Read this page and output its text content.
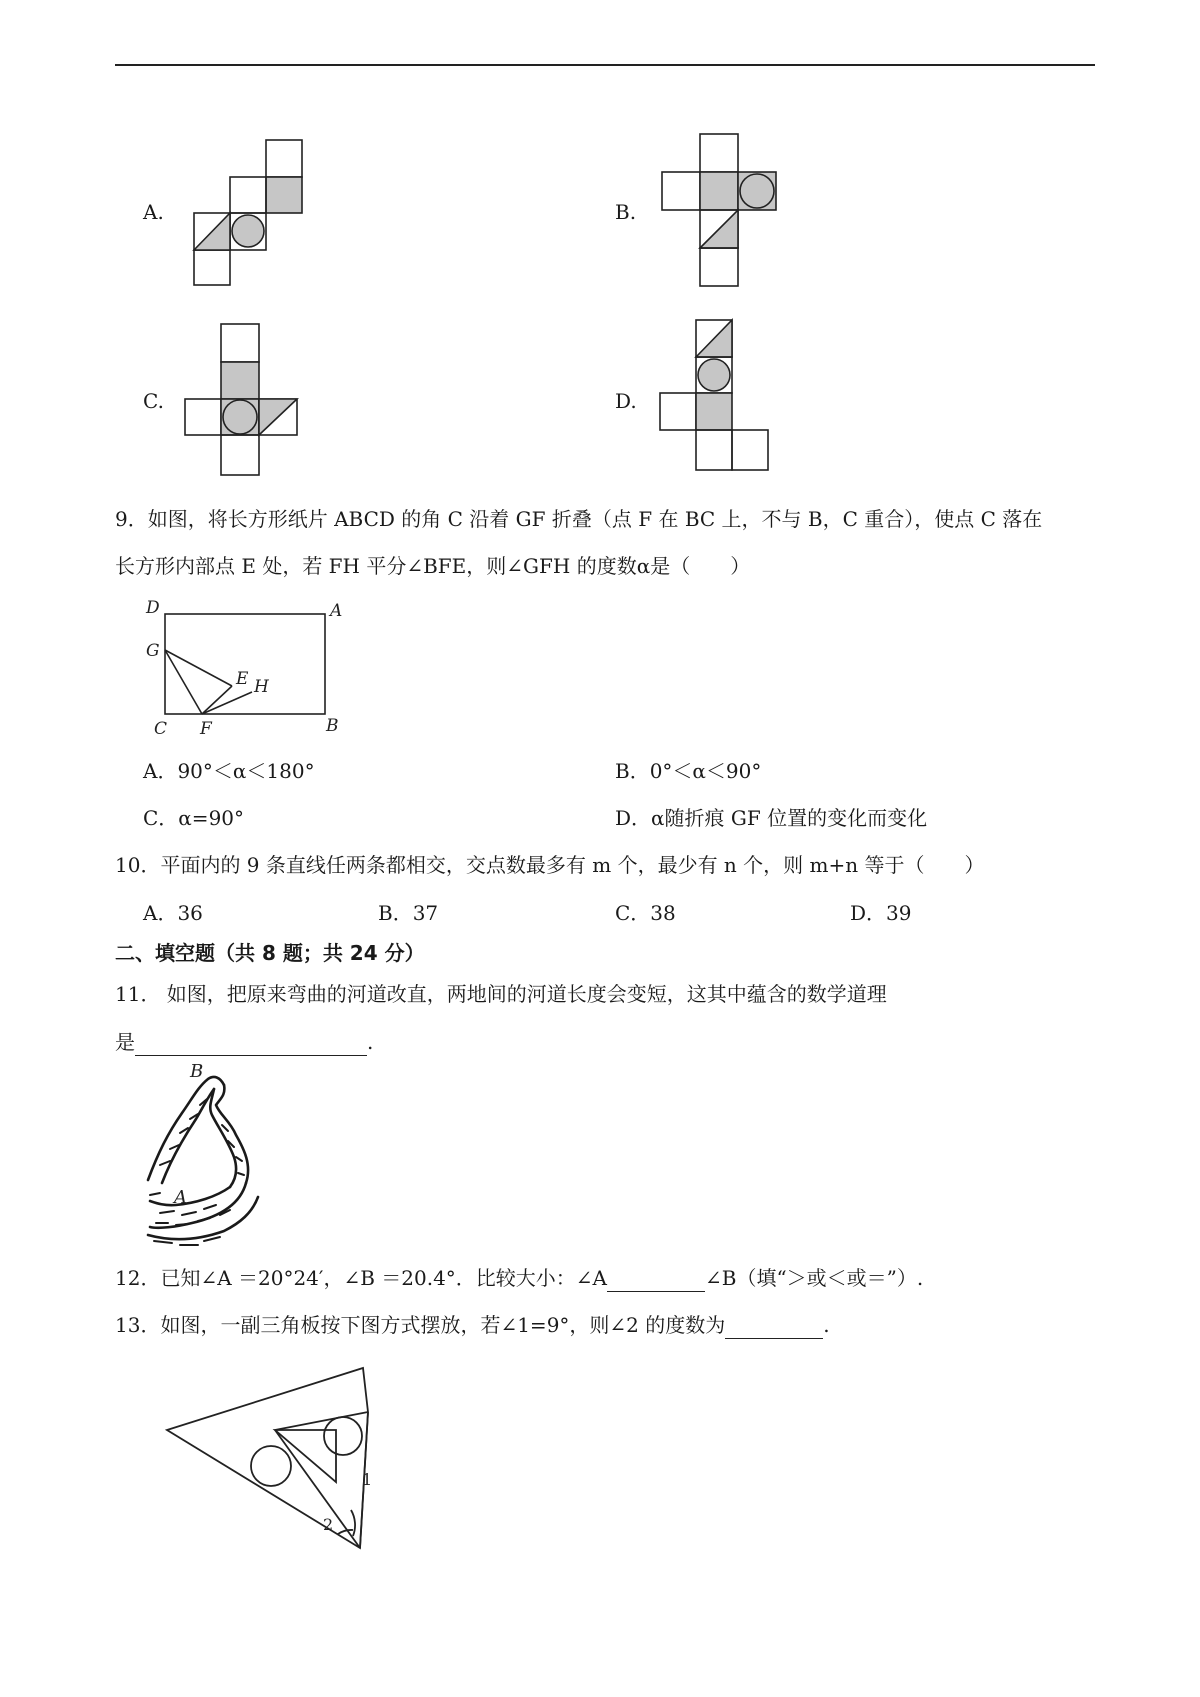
A.	B.
C.	D.
9．如图，将长方形纸片 ABCD 的角 C 沿着 GF 折叠（点 F 在 BC 上，不与 B，C 重合），使点 C 落在
长方形内部点 E 处，若 FH 平分∠BFE，则∠GFH 的度数α是（　　）
D	A
G
E H
C F	B
A．90°＜α＜180°	B．0°＜α＜90°
C．α=90°	D．α随折痕 GF 位置的变化而变化
10．平面内的 9 条直线任两条都相交，交点数最多有 m 个，最少有 n 个，则 m+n 等于（　　）
A．36	B．37	C．38	D．39
二、填空题（共 8 题；共 24 分）
11． 如图，把原来弯曲的河道改直，两地间的河道长度会变短，这其中蕴含的数学道理
是	.
B
A
12．已知∠A ＝20°24′，∠B ＝20.4°．比较大小：∠A	∠B（填“＞或＜或＝”）.
13．如图，一副三角板按下图方式摆放，若∠1=9°，则∠2 的度数为	.
1
2
